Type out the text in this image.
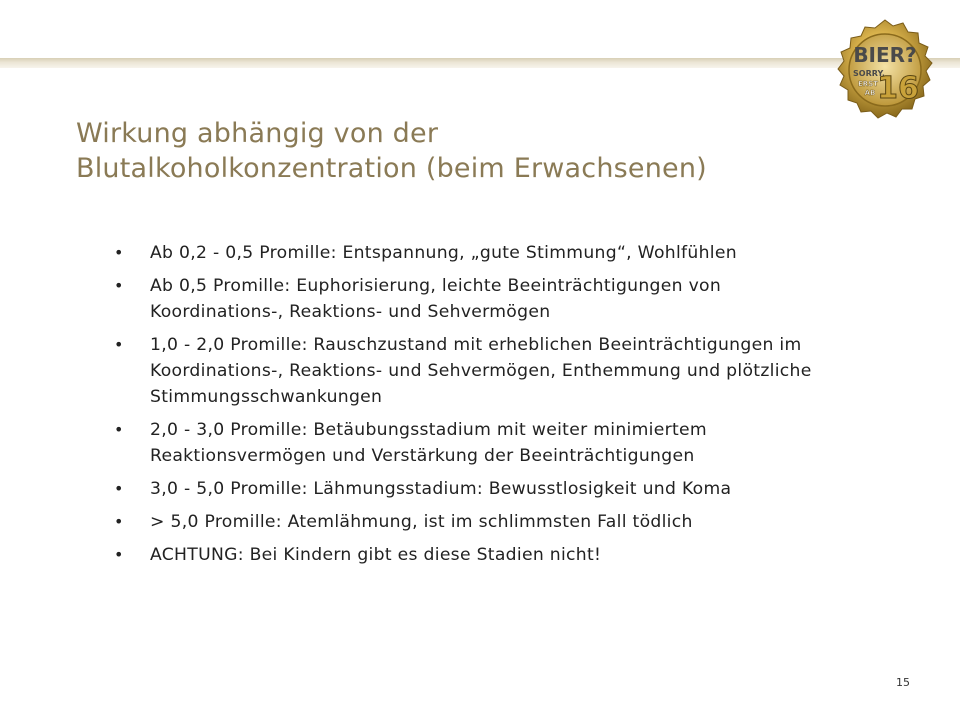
Wirkung abhängig von der
Blutalkoholkonzentration (beim Erwachsenen)
• Ab 0,2 - 0,5 Promille: Entspannung, „gute Stimmung“, Wohlfühlen
• Ab 0,5 Promille: Euphorisierung, leichte Beeinträchtigungen von Koordinations-, Reaktions- und Sehvermögen
• 1,0 - 2,0 Promille: Rauschzustand mit erheblichen Beeinträchtigungen im Koordinations-, Reaktions- und Sehvermögen, Enthemmung und plötzliche Stimmungsschwankungen
• 2,0 - 3,0 Promille: Betäubungsstadium mit weiter minimiertem Reaktionsvermögen und Verstärkung der Beeinträchtigungen
• 3,0 - 5,0 Promille: Lähmungsstadium: Bewusstlosigkeit und Koma
• > 5,0 Promille: Atemlähmung, ist im schlimmsten Fall tödlich
• ACHTUNG: Bei Kindern gibt es diese Stadien nicht!
15
BIER?
SORRY.
ERST
AB 16
